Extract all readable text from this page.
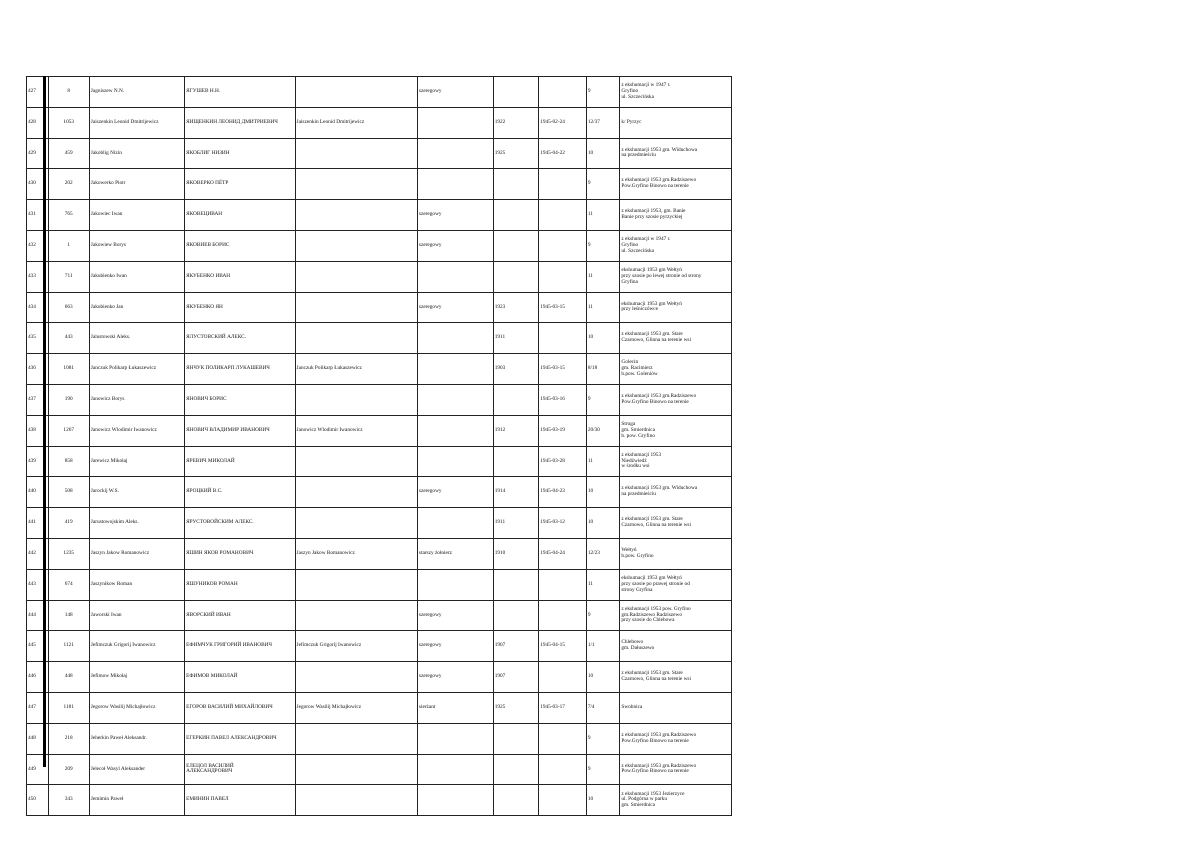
427	8	Jagniszew N.N.	ЯГУШЕВ Н.Н.		szeregowy			9	z ekshumacji w 1947 r.
Gryfino
ul. Szczecińska
428	1053	Jaiszenkin Leonid Dmitrijewicz	ЯИЩЕНКИН ЛЕОНИД ДМИТРИЕВИЧ	Jaiszenkin Leonid Dmitrijewicz		1922	1945-02-24	12/37	k/ Pyrzyc
429	459	Jakoblig Nizin	ЯКОБЛИГ НИЗИН			1925	1945-04-22	10	z ekshumacji 1953 gm. Widuchowa
na przedmieściu
430	202	Jakowerko Piotr	ЯКОВЕРКО ПЁТР					9	z ekshumacji 1953 gm.Radziszewo
Pow.Gryfino Binowo na terenie
431	765	Jakowiec Iwan	ЯКОВЕЦИВАН		szeregowy			11	z ekshumacji 1953, gm. Banie
Banie przy szosie pyrzyckiej
432	1	Jakowiew Borys	ЯКОВИЕВ БОРИС		szeregowy			9	z ekshumacji w 1947 r.
Gryfino
ul. Szczecińska
433	711	Jakubienko Iwan	ЯКУБЕНКО ИВАН					11	ekshumacji 1953 gm Wełtyń
przy szosie po lewej stronie od strony
Gryfina
434	663	Jakubienko Jan	ЯКУБЕНКО ЯН		szeregowy	1923	1945-03-15	11	ekshumacji 1953 gm Wełtyń
przy leśniczówce
435	443	Jalustowski Aleks.	ЯЛУСТОВСКИЙ АЛЕКС.			1911		10	z ekshumacji 1953 gm. Stare
Czarnowo, Glinna na terenie wsi
436	1081	Janczuk Polikarp Łukaszewicz	ЯНЧУК ПОЛИКАРП ЛУКАШЕВИЧ	Janczuk Polikarp Łukaszewicz		1903	1945-03-15	8/18	Golecin
gm. Racimierz
b.pow. Goleniów
437	190	Janowicz Borys	ЯНОВИЧ БОРИС				1945-03-16	9	z ekshumacji 1953 gm.Radziszewo
Pow.Gryfino Binowo na terenie
438	1267	Janowicz Wlodimir Iwanowicz	ЯНОВИЧ ВЛАДИМИР ИВАНОВИЧ	Janowicz Wlodimir Iwanowicz		1912	1945-03-19	20/30	Struga
gm. Smierdnica
b. pow. Gryfino
439	858	Jarewicz Mikołaj	ЯРЕВИЧ МИКОЛАЙ				1945-03-28	11	z ekshumacji 1953
Niedźwiedź
w środku wsi
440	508	Jarockij W.S.	ЯРОЦКИЙ В.С.		szeregowy	1914	1945-04-23	10	z ekshumacji 1953 gm. Widuchowa
na przedmieściu
441	419	Jarustowojskim Aleks.	ЯРУСТОВОЙСКИМ АЛЕКС.			1911	1945-03-12	10	z ekshumacji 1953 gm. Stare
Czarnowo, Glinna na terenie wsi
442	1235	Jaszyn Jakow Romanowicz	ЯШИН ЯКОВ РОМАНОВИЧ	Jaszyn Jakow Romanowicz	starszy żołnierz	1910	1945-04-24	12/23	Wełtyń
b.pow. Gryfino
443	674	Jaszynikow Roman	ЯШУНИКОВ РОМАН					11	ekshumacji 1953 gm Wełtyń
przy szosie po prawej stronie od
strony Gryfina
444	148	Jaworski Iwan	ЯВОРСКИЙ ИВАН		szeregowy			9	z ekshumacji 1953 pow. Gryfino
gm.Radziszewo Radziszewo
przy szosie do Chlebowa
445	1121	Jefimczuk Grigorij Iwanowicz	ЕФИМЧУК ГРИГОРИЙ ИВАНОВИЧ	Jefimczuk Grigorij Iwanowicz	szeregowy	1907	1945-04-15	1/1	Chlebowo
gm. Dałuszewo
446	448	Jefimow Mikołaj	ЕФИМОВ МИКОЛАЙ		szeregowy	1907		10	z ekshumacji 1953 gm. Stare
Czarnowo, Glinna na terenie wsi
447	1181	Jegorow Wasilij Michajłowicz	ЕГОРОВ ВАСИЛИЙ МИХАЙЛОВИЧ	Jegorow Wasilij Michajłowicz	sierżant	1925	1945-03-17	7/4	Swobnica
448	218	Jeherkin Paweł Aleksandr.	ЕГЕРКИН ПАВЕЛ АЛЕКСАНДРОВИЧ					9	z ekshumacji 1953 gm.Radziszewo
Pow.Gryfino Binowo na terenie
449	209	Jelecoł Wasyl Aleksander	ЕЛЕЦОЛ ВАСИЛИЙ
АЛЕКСАНДРОВИЧ					9	z ekshumacji 1953 gm.Radziszewo
Pow.Gryfino Binowo na terenie
450	343	Jemimin Paweł	ЕМИНИН ПАВЕЛ					10	z ekshumacji 1953 Jezierzyce
ul. Podgórna w parku
gm. Smierdnica
